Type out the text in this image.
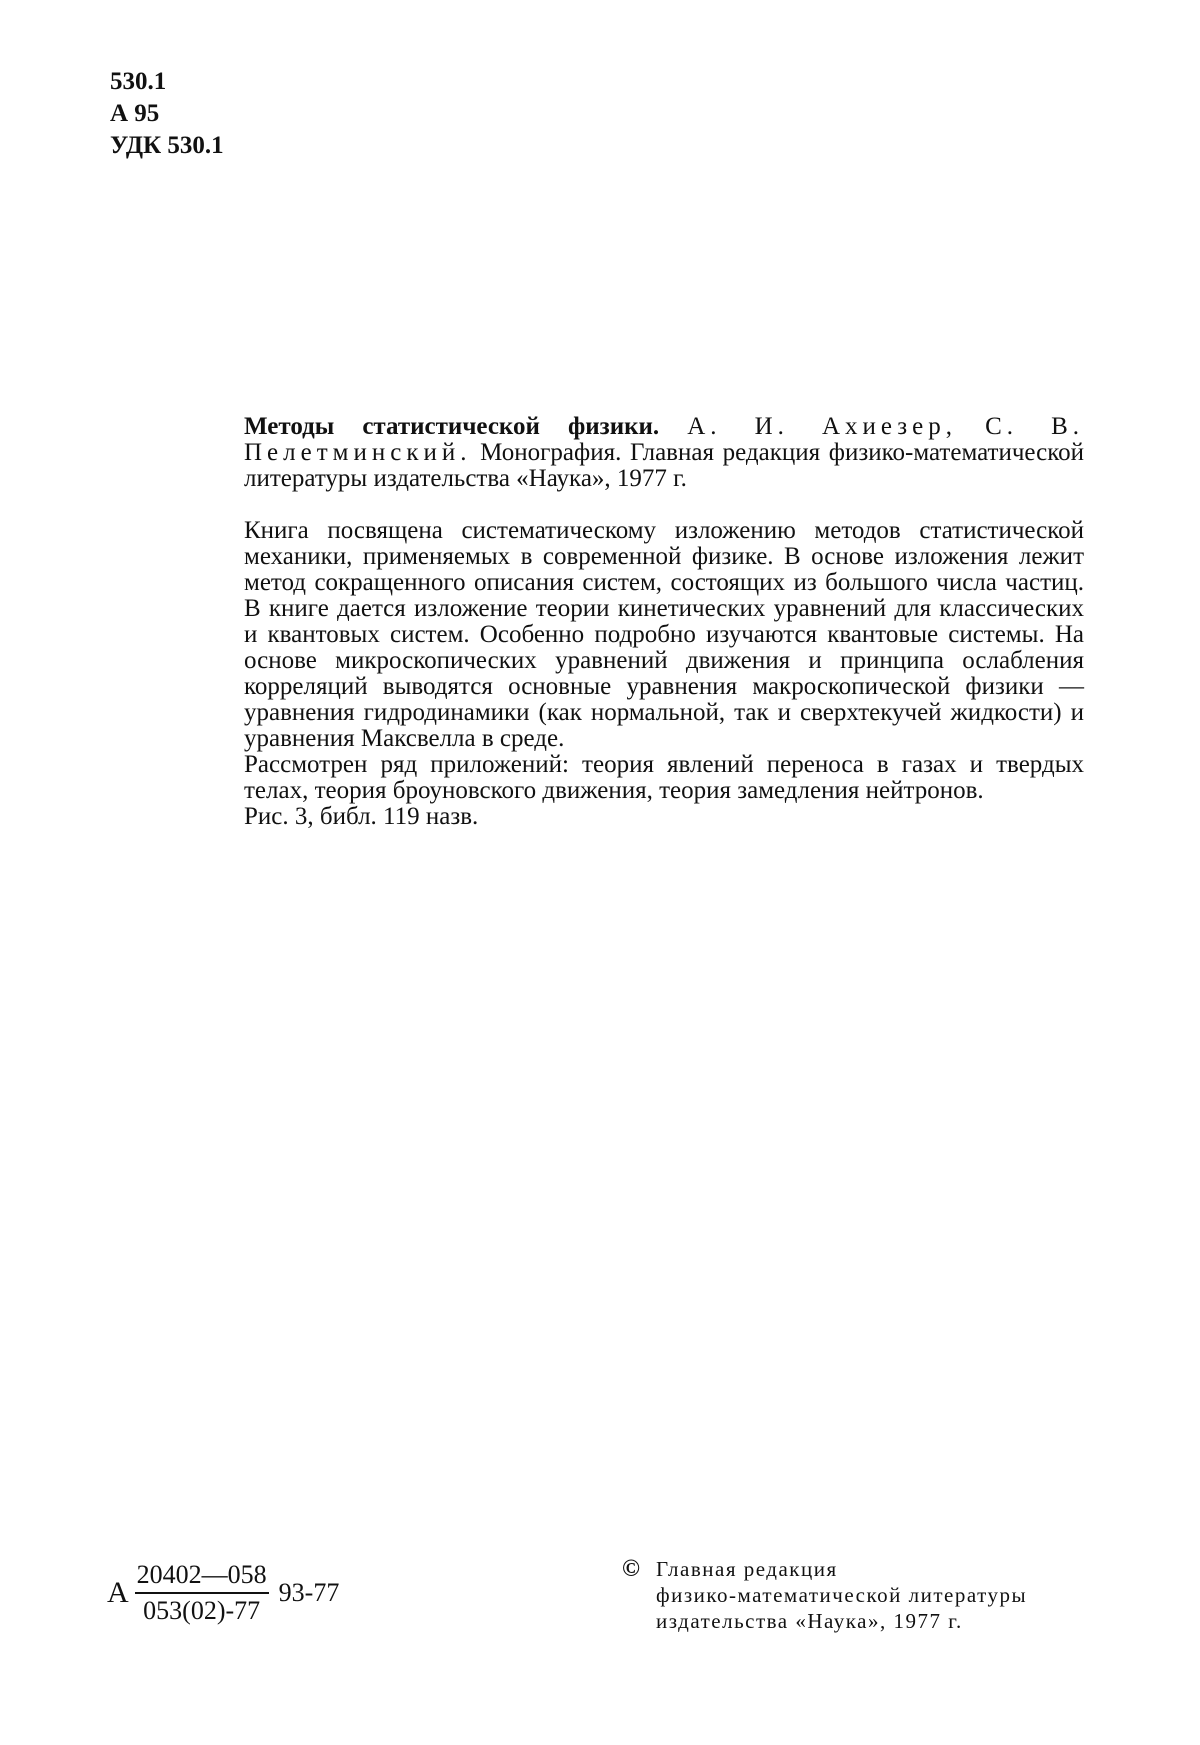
530.1
А 95
УДК 530.1

Методы статистической физики. А. И. Ахиезер, С. В. Пелетминский. Монография. Главная редакция физико-математической литературы издательства «Наука», 1977 г.

Книга посвящена систематическому изложению методов статистической механики, применяемых в современной физике. В основе изложения лежит метод сокращенного описания систем, состоящих из большого числа частиц. В книге дается изложение теории кинетических уравнений для классических и квантовых систем. Особенно подробно изучаются квантовые системы. На основе микроскопических уравнений движения и принципа ослабления корреляций выводятся основные уравнения макроскопической физики — уравнения гидродинамики (как нормальной, так и сверхтекучей жидкости) и уравнения Максвелла в среде.

Рассмотрен ряд приложений: теория явлений переноса в газах и твердых телах, теория броуновского движения, теория замедления нейтронов.

Рис. 3, библ. 119 назв.

А $\frac{20402—058}{053(02)-77} 93-77$
© Главная редакция
физико-математической литературы
издательства «Наука», 1977 г.
